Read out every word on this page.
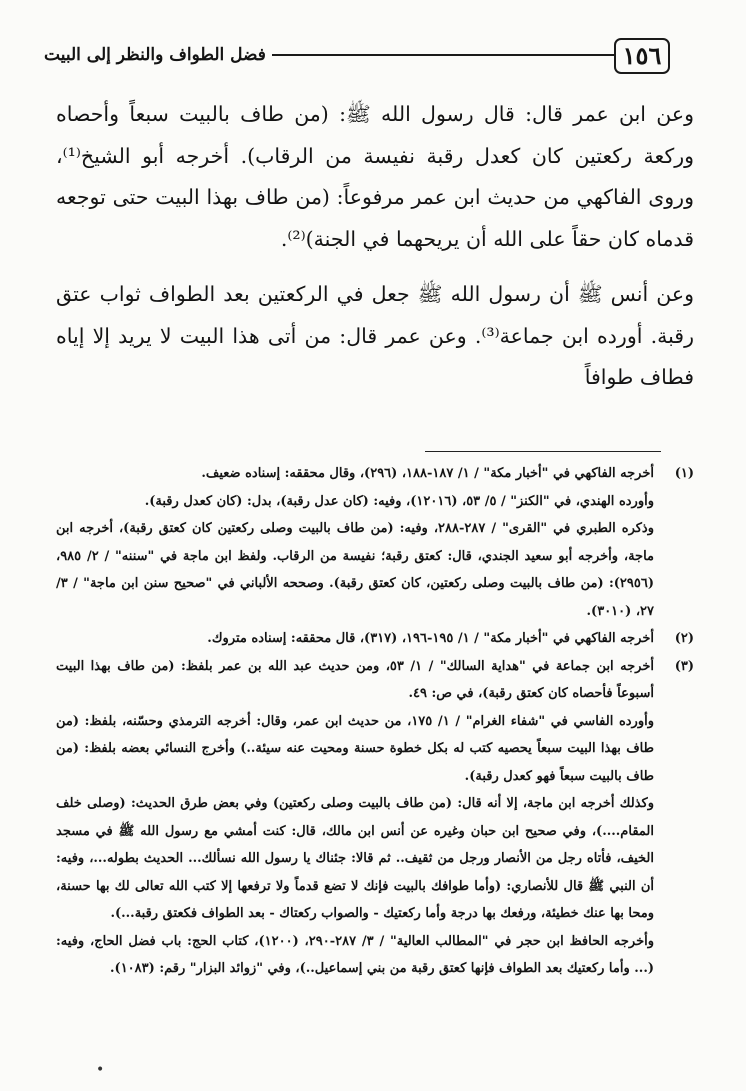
١٥٦
فضل الطواف والنظر إلى البيت

وعن ابن عمر قال: قال رسول الله ﷺ: (من طاف بالبيت سبعاً وأحصاه وركعة ركعتين كان كعدل رقبة نفيسة من الرقاب). أخرجه أبو الشيخ⁽¹⁾، وروى الفاكهي من حديث ابن عمر مرفوعاً: (من طاف بهذا البيت حتى توجعه قدماه كان حقاً على الله أن يريحهما في الجنة)⁽²⁾.

وعن أنس ﷺ أن رسول الله ﷺ جعل في الركعتين بعد الطواف ثواب عتق رقبة. أورده ابن جماعة⁽³⁾. وعن عمر قال: من أتى هذا البيت لا يريد إلا إياه فطاف طوافاً

(١)

أخرجه الفاكهي في "أخبار مكة" / ١/ ١٨٧-١٨٨، (٢٩٦)، وقال محققه: إسناده ضعيف.

وأورده الهندي، في "الكنز" / ٥/ ٥٣، (١٢٠١٦)، وفيه: (كان عدل رقبة)، بدل: (كان كعدل رقبة).

وذكره الطبري في "القرى" / ٢٨٧-٢٨٨، وفيه: (من طاف بالبيت وصلى ركعتين كان كعتق رقبة)، أخرجه ابن ماجة، وأخرجه أبو سعيد الجندي، قال: كعتق رقبة؛ نفيسة من الرقاب. ولفظ ابن ماجة في "سننه" / ٢/ ٩٨٥، (٢٩٥٦): (من طاف بالبيت وصلى ركعتين، كان كعتق رقبة). وصححه الألباني في "صحيح سنن ابن ماجة" / ٣/ ٢٧، (٣٠١٠).

(٢)

أخرجه الفاكهي في "أخبار مكة" / ١/ ١٩٥-١٩٦، (٣١٧)، قال محققه: إسناده متروك.

(٣)

أخرجه ابن جماعة في "هداية السالك" / ١/ ٥٣، ومن حديث عبد الله بن عمر بلفظ: (من طاف بهذا البيت أسبوعاً فأحصاه كان كعتق رقبة)، في ص: ٤٩.

وأورده الفاسي في "شفاء الغرام" / ١/ ١٧٥، من حديث ابن عمر، وقال: أخرجه الترمذي وحسّنه، بلفظ: (من طاف بهذا البيت سبعاً يحصيه كتب له بكل خطوة حسنة ومحيت عنه سيئة..) وأخرج النسائي بعضه بلفظ: (من طاف بالبيت سبعاً فهو كعدل رقبة).

وكذلك أخرجه ابن ماجة، إلا أنه قال: (من طاف بالبيت وصلى ركعتين) وفي بعض طرق الحديث: (وصلى خلف المقام....)، وفي صحيح ابن حبان وغيره عن أنس ابن مالك، قال: كنت أمشي مع رسول الله ﷺ في مسجد الخيف، فأتاه رجل من الأنصار ورجل من ثقيف.. ثم قالا: جئناك يا رسول الله نسألك... الحديث بطوله...، وفيه: أن النبي ﷺ قال للأنصاري: (وأما طوافك بالبيت فإنك لا تضع قدماً ولا ترفعها إلا كتب الله تعالى لك بها حسنة، ومحا بها عنك خطيئة، ورفعك بها درجة وأما ركعتيك - والصواب ركعتاك - بعد الطواف فكعتق رقبة...).

وأخرجه الحافظ ابن حجر في "المطالب العالية" / ٣/ ٢٨٧-٢٩٠، (١٢٠٠)، كتاب الحج: باب فضل الحاج، وفيه: (... وأما ركعتيك بعد الطواف فإنها كعتق رقبة من بني إسماعيل..)، وفي "زوائد البزار" رقم: (١٠٨٣).

•
